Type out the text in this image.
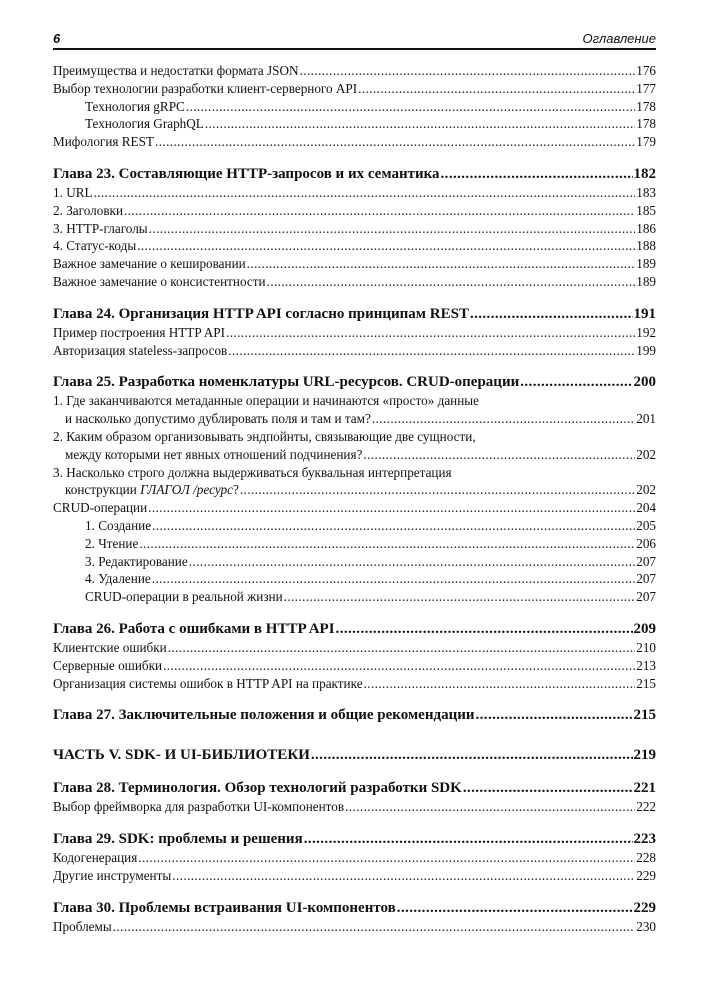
6	Оглавление
Преимущества и недостатки формата JSON .....	176
Выбор технологии разработки клиент-серверного API .....	177
Технология gRPC .....	178
Технология GraphQL .....	178
Мифология REST .....	179
Глава 23. Составляющие HTTP-запросов и их семантика .....	182
1. URL .....	183
2. Заголовки .....	185
3. HTTP-глаголы .....	186
4. Статус-коды .....	188
Важное замечание о кешировании .....	189
Важное замечание о консистентности .....	189
Глава 24. Организация HTTP API согласно принципам REST .....	191
Пример построения HTTP API .....	192
Авторизация stateless-запросов .....	199
Глава 25. Разработка номенклатуры URL-ресурсов. CRUD-операции .....	200
1. Где заканчиваются метаданные операции и начинаются «просто» данные
и насколько допустимо дублировать поля и там и там? .....	201
2. Каким образом организовывать эндпойнты, связывающие две сущности,
между которыми нет явных отношений подчинения? .....	202
3. Насколько строго должна выдерживаться буквальная интерпретация
конструкции
ГЛАГОЛ /ресурс ? .....	202
CRUD-операции .....	204
1. Создание .....	205
2. Чтение .....	206
3. Редактирование .....	207
4. Удаление .....	207
CRUD-операции в реальной жизни .....	207
Глава 26. Работа с ошибками в HTTP API .....	209
Клиентские ошибки .....	210
Серверные ошибки .....	213
Организация системы ошибок в HTTP API на практике .....	215
Глава 27. Заключительные положения и общие рекомендации .....	215
ЧАСТЬ V. SDK- И UI-БИБЛИОТЕКИ .....	219
Глава 28. Терминология. Обзор технологий разработки SDK .....	221
Выбор фреймворка для разработки UI-компонентов .....	222
Глава 29. SDK: проблемы и решения .....	223
Кодогенерация .....	228
Другие инструменты .....	229
Глава 30. Проблемы встраивания UI-компонентов .....	229
Проблемы .....	230
